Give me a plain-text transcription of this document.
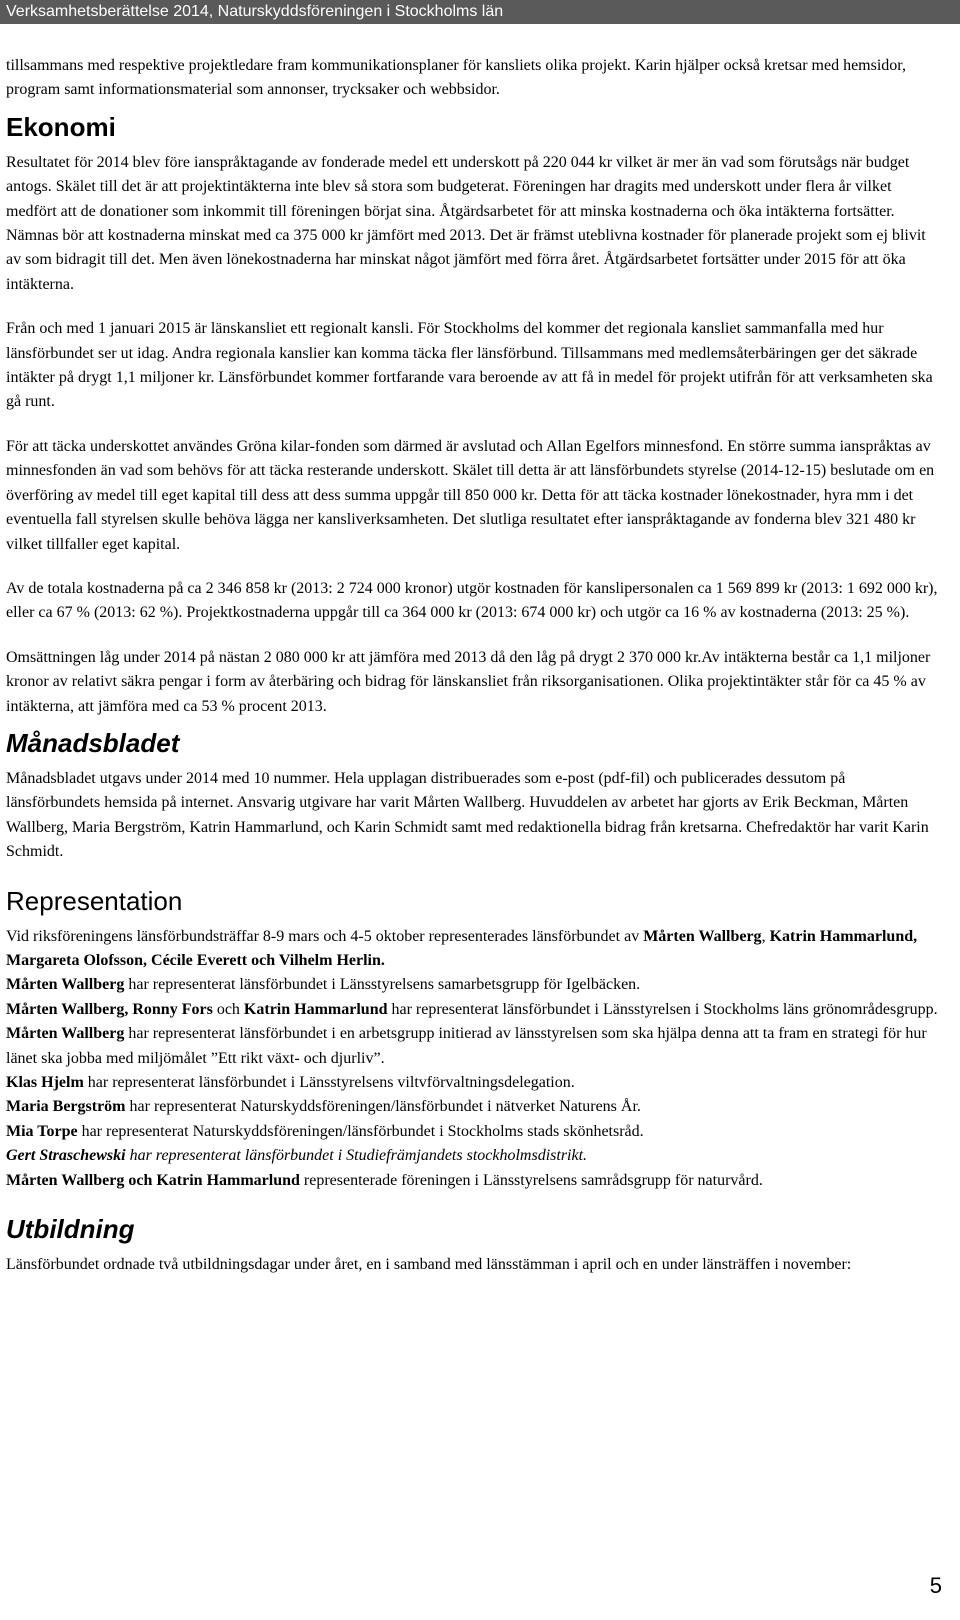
Verksamhetsberättelse 2014, Naturskyddsföreningen i Stockholms län

tillsammans med respektive projektledare fram kommunikationsplaner för kansliets olika projekt. Karin hjälper också kretsar med hemsidor, program samt informationsmaterial som annonser, trycksaker och webbsidor.

Ekonomi

Resultatet för 2014 blev före ianspråktagande av fonderade medel ett underskott på 220 044 kr vilket är mer än vad som förutsågs när budget antogs. Skälet till det är att projektintäkterna inte blev så stora som budgeterat. Föreningen har dragits med underskott under flera år vilket medfört att de donationer som inkommit till föreningen börjat sina. Åtgärdsarbetet för att minska kostnaderna och öka intäkterna fortsätter. Nämnas bör att kostnaderna minskat med ca 375 000 kr jämfört med 2013. Det är främst uteblivna kostnader för planerade projekt som ej blivit av som bidragit till det. Men även lönekostnaderna har minskat något jämfört med förra året. Åtgärdsarbetet fortsätter under 2015 för att öka intäkterna.

Från och med 1 januari 2015 är länskansliet ett regionalt kansli. För Stockholms del kommer det regionala kansliet sammanfalla med hur länsförbundet ser ut idag. Andra regionala kanslier kan komma täcka fler länsförbund. Tillsammans med medlemsåterbäringen ger det säkrade intäkter på drygt 1,1 miljoner kr. Länsförbundet kommer fortfarande vara beroende av att få in medel för projekt utifrån för att verksamheten ska gå runt.

För att täcka underskottet användes Gröna kilar-fonden som därmed är avslutad och Allan Egelfors minnesfond. En större summa ianspråktas av minnesfonden än vad som behövs för att täcka resterande underskott. Skälet till detta är att länsförbundets styrelse (2014-12-15) beslutade om en överföring av medel till eget kapital till dess att dess summa uppgår till 850 000 kr. Detta för att täcka kostnader lönekostnader, hyra mm i det eventuella fall styrelsen skulle behöva lägga ner kansliverksamheten. Det slutliga resultatet efter ianspråktagande av fonderna blev 321 480 kr vilket tillfaller eget kapital.

Av de totala kostnaderna på ca 2 346 858 kr (2013: 2 724 000 kronor) utgör kostnaden för kanslipersonalen ca 1 569 899 kr (2013: 1 692 000 kr), eller ca 67 % (2013: 62 %). Projektkostnaderna uppgår till ca 364 000 kr (2013: 674 000 kr) och utgör ca 16 % av kostnaderna (2013: 25 %).

Omsättningen låg under 2014 på nästan 2 080 000 kr att jämföra med 2013 då den låg på drygt 2 370 000 kr.Av intäkterna består ca 1,1 miljoner kronor av relativt säkra pengar i form av återbäring och bidrag för länskansliet från riksorganisationen. Olika projektintäkter står för ca 45 % av intäkterna, att jämföra med ca 53 % procent 2013.

Månadsbladet

Månadsbladet utgavs under 2014 med 10 nummer. Hela upplagan distribuerades som e-post (pdf-fil) och publicerades dessutom på länsförbundets hemsida på internet. Ansvarig utgivare har varit Mårten Wallberg. Huvuddelen av arbetet har gjorts av Erik Beckman, Mårten Wallberg, Maria Bergström, Katrin Hammarlund, och Karin Schmidt samt med redaktionella bidrag från kretsarna. Chefredaktör har varit Karin Schmidt.

Representation

Vid riksföreningens länsförbundsträffar 8-9 mars och 4-5 oktober representerades länsförbundet av Mårten Wallberg, Katrin Hammarlund, Margareta Olofsson, Cécile Everett och Vilhelm Herlin.

Mårten Wallberg har representerat länsförbundet i Länsstyrelsens samarbetsgrupp för Igelbäcken.

Mårten Wallberg, Ronny Fors och Katrin Hammarlund har representerat länsförbundet i Länsstyrelsen i Stockholms läns grönområdesgrupp.

Mårten Wallberg har representerat länsförbundet i en arbetsgrupp initierad av länsstyrelsen som ska hjälpa denna att ta fram en strategi för hur länet ska jobba med miljömålet ”Ett rikt växt- och djurliv”.

Klas Hjelm har representerat länsförbundet i Länsstyrelsens viltvförvaltningsdelegation.

Maria Bergström har representerat Naturskyddsföreningen/länsförbundet i nätverket Naturens År.

Mia Torpe har representerat Naturskyddsföreningen/länsförbundet i Stockholms stads skönhetsråd.

Gert Straschewski har representerat länsförbundet i Studiefrämjandets stockholmsdistrikt.

Mårten Wallberg och Katrin Hammarlund representerade föreningen i Länsstyrelsens samrådsgrupp för naturvård.

Utbildning

Länsförbundet ordnade två utbildningsdagar under året, en i samband med länsstämman i april och en under länsträffen i november:

5
